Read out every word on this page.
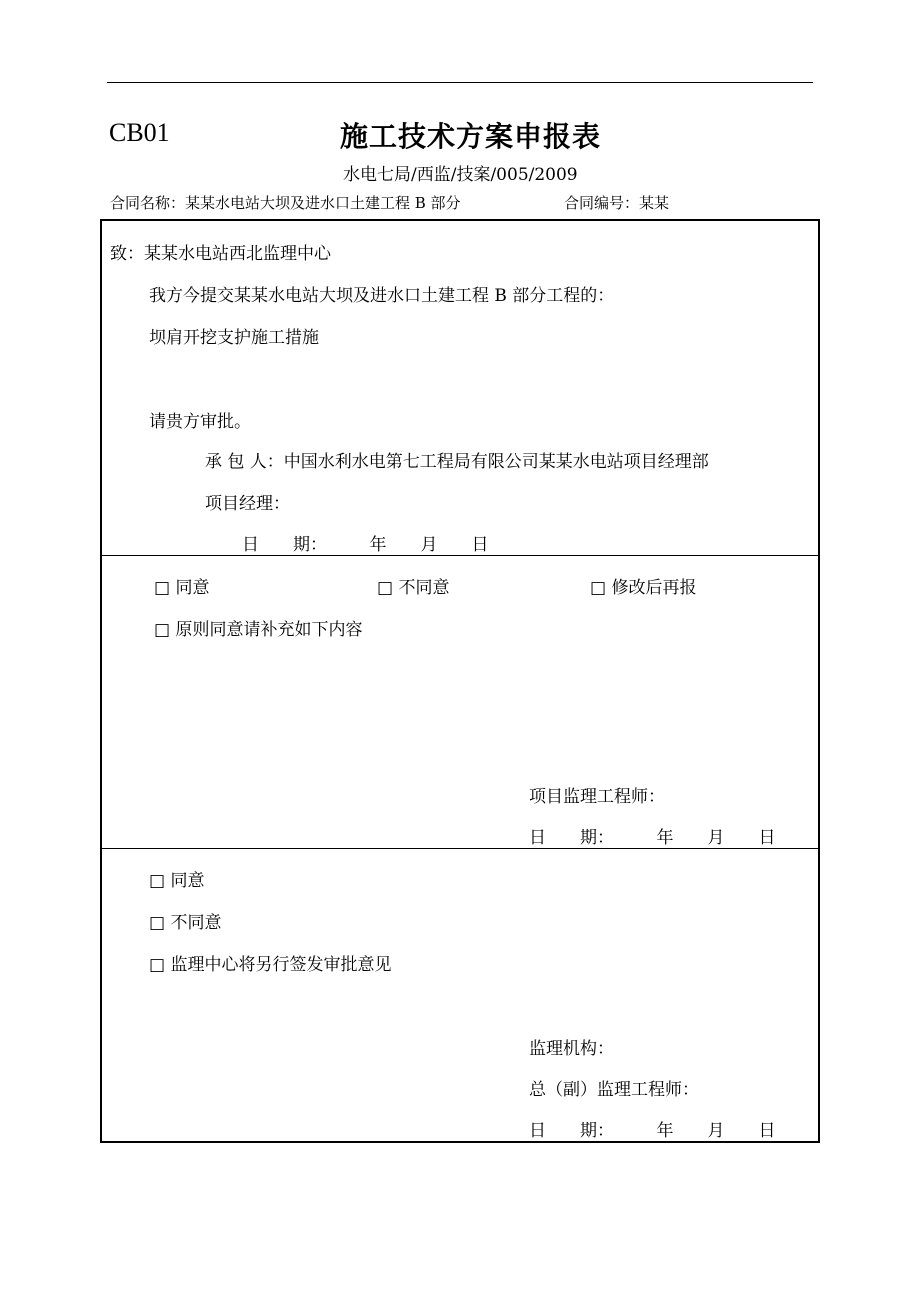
CB01	施工技术方案申报表
水电七局/西监/技案/005/2009
合同名称：某某水电站大坝及进水口土建工程 B 部分	合同编号：某某
致：某某水电站西北监理中心
我方今提交某某水电站大坝及进水口土建工程 B 部分工程的：
坝肩开挖支护施工措施
请贵方审批。
承 包 人：中国水利水电第七工程局有限公司某某水电站项目经理部
项目经理：
日　　期：　　　年　　月　　日
□ 同意	□ 不同意	□ 修改后再报
□ 原则同意请补充如下内容
项目监理工程师：
日　　期：　　　年　　月　　日
□ 同意
□ 不同意
□ 监理中心将另行签发审批意见
监理机构：
总（副）监理工程师：
日　　期：　　　年　　月　　日
